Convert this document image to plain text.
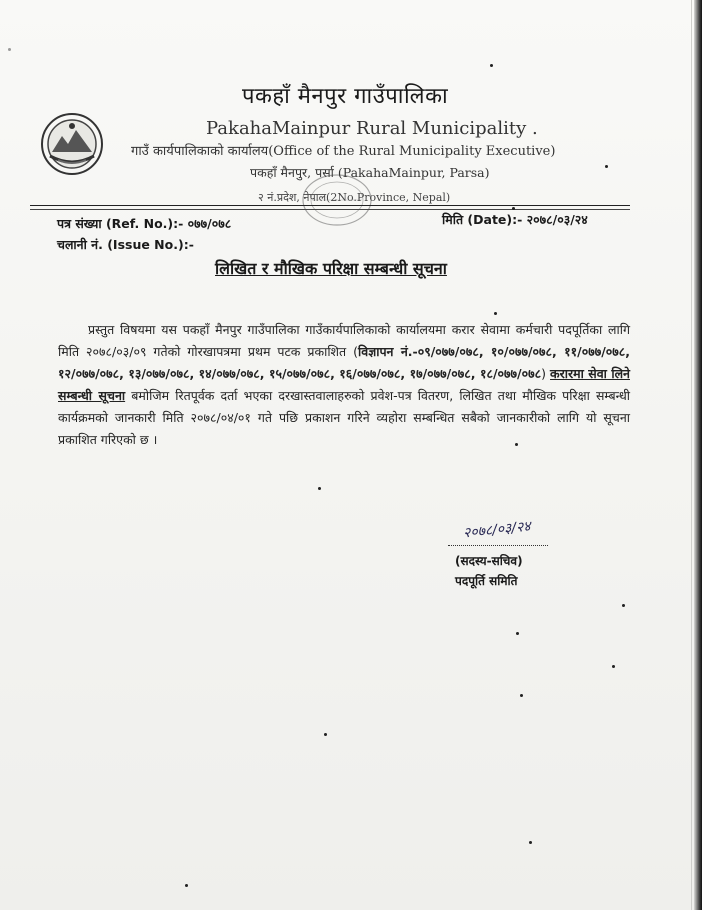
पकहाँ मैनपुर गाउँपालिका
PakahaMainpur Rural Municipality .
गाउँ कार्यपालिकाको कार्यालय(Office of the Rural Municipality Executive)
पकहाँ मैनपुर, पर्सा (PakahaMainpur, Parsa)
२ नं.प्रदेश, नेपाल(2No.Province, Nepal)
पत्र संख्या (Ref. No.):- ०७७/०७८
चलानी नं. (Issue No.):-
मिति (Date):- २०७८/०३/२४
लिखित र मौखिक परिक्षा सम्बन्धी सूचना
प्रस्तुत विषयमा यस पकहाँ मैनपुर गाउँपालिका गाउँकार्यपालिकाको कार्यालयमा करार सेवामा कर्मचारी पदपूर्तिका लागि मिति २०७८/०३/०९ गतेको गोरखापत्रमा प्रथम पटक प्रकाशित (विज्ञापन नं.-०९/०७७/०७८, १०/०७७/०७८, ११/०७७/०७८, १२/०७७/०७८, १३/०७७/०७८, १४/०७७/०७८, १५/०७७/०७८, १६/०७७/०७८, १७/०७७/०७८, १८/०७७/०७८) करारमा सेवा लिने सम्बन्धी सूचना बमोजिम रितपूर्वक दर्ता भएका दरखास्तवालाहरुको प्रवेश-पत्र वितरण, लिखित तथा मौखिक परिक्षा सम्बन्धी कार्यक्रमको जानकारी मिति २०७८/०४/०१ गते पछि प्रकाशन गरिने व्यहोरा सम्बन्धित सबैको जानकारीको लागि यो सूचना प्रकाशित गरिएको छ ।
२०७८/०३/२४
(सदस्य-सचिव)
पदपूर्ति समिति
